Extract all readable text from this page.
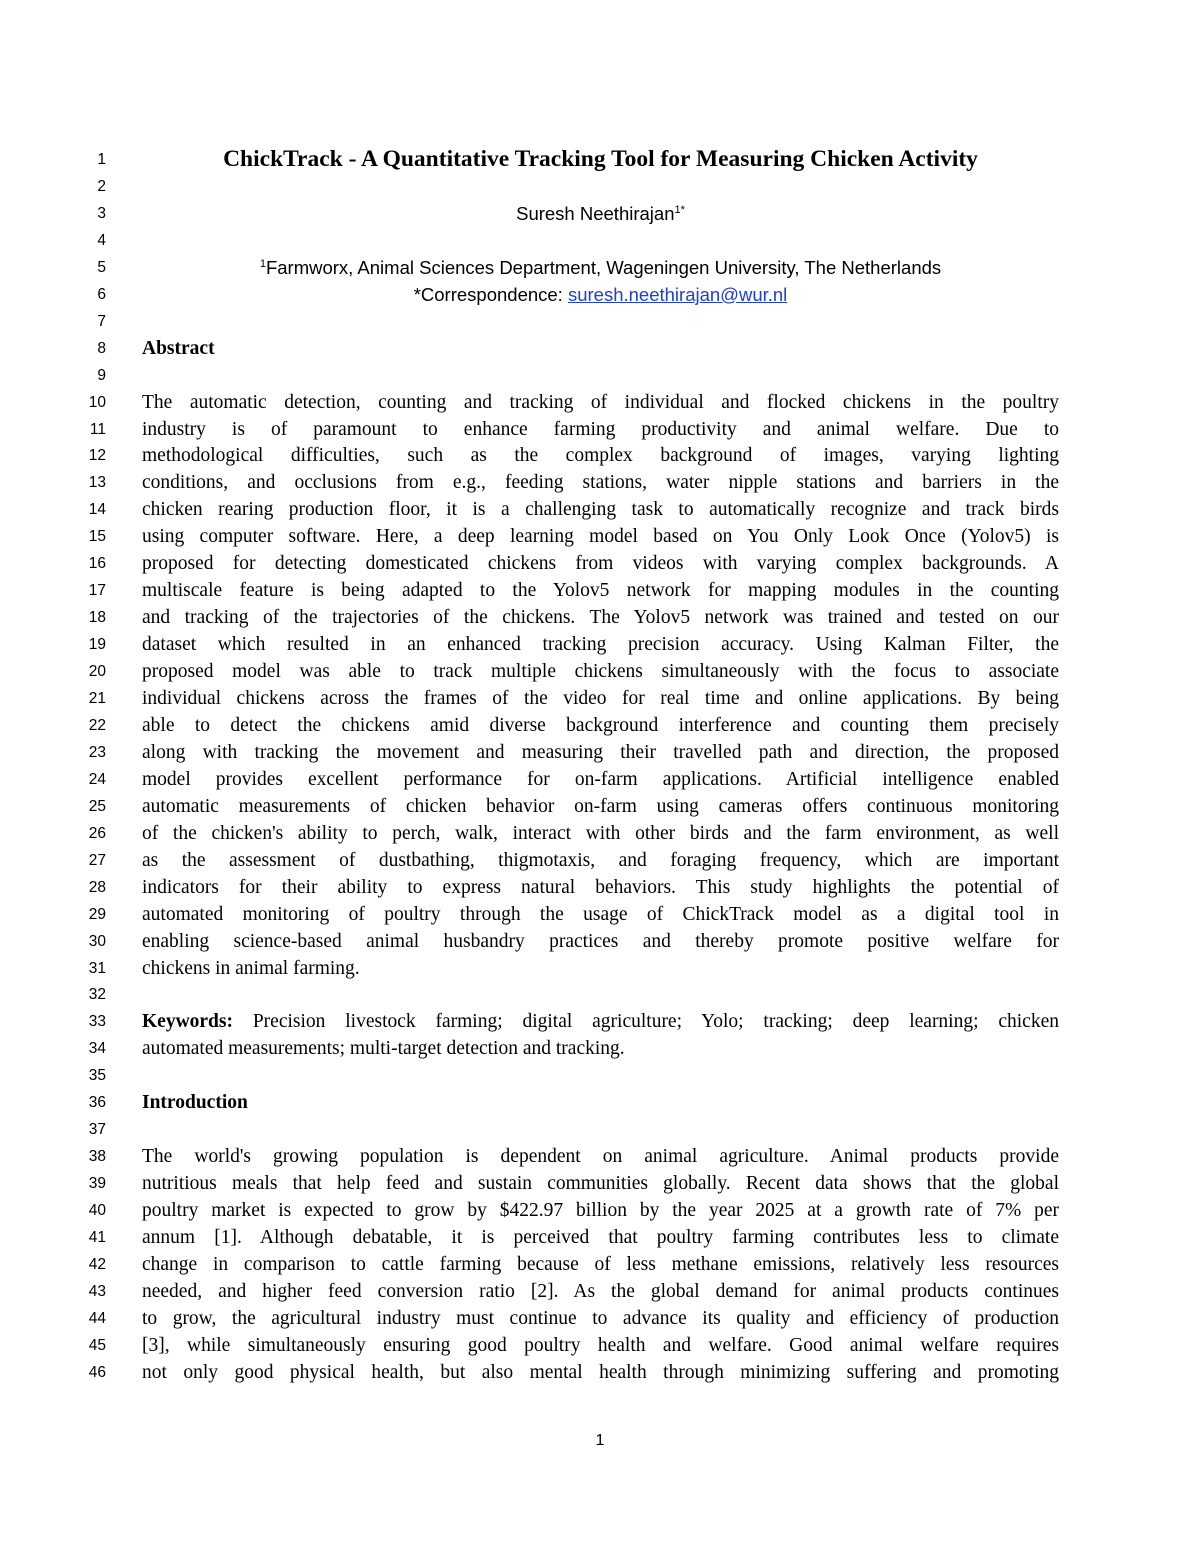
1	ChickTrack - A Quantitative Tracking Tool for Measuring Chicken Activity
2
3	Suresh Neethirajan$^{1*}$
4
5	$^1$Farmworx, Animal Sciences Department, Wageningen University, The Netherlands
6	*Correspondence: suresh.neethirajan@wur.nl
7
8 Abstract
9
10 The automatic detection, counting and tracking of individual and flocked chickens in the poultry
11 industry is of paramount to enhance farming productivity and animal welfare. Due to
12 methodological difficulties, such as the complex background of images, varying lighting
13 conditions, and occlusions from e.g., feeding stations, water nipple stations and barriers in the
14 chicken rearing production floor, it is a challenging task to automatically recognize and track birds
15 using computer software. Here, a deep learning model based on You Only Look Once (Yolov5) is
16 proposed for detecting domesticated chickens from videos with varying complex backgrounds. A
17 multiscale feature is being adapted to the Yolov5 network for mapping modules in the counting
18 and tracking of the trajectories of the chickens. The Yolov5 network was trained and tested on our
19 dataset which resulted in an enhanced tracking precision accuracy. Using Kalman Filter, the
20 proposed model was able to track multiple chickens simultaneously with the focus to associate
21 individual chickens across the frames of the video for real time and online applications. By being
22 able to detect the chickens amid diverse background interference and counting them precisely
23 along with tracking the movement and measuring their travelled path and direction, the proposed
24 model provides excellent performance for on-farm applications. Artificial intelligence enabled
25 automatic measurements of chicken behavior on-farm using cameras offers continuous monitoring
26 of the chicken's ability to perch, walk, interact with other birds and the farm environment, as well
27 as the assessment of dustbathing, thigmotaxis, and foraging frequency, which are important
28 indicators for their ability to express natural behaviors. This study highlights the potential of
29 automated monitoring of poultry through the usage of ChickTrack model as a digital tool in
30 enabling science-based animal husbandry practices and thereby promote positive welfare for
31 chickens in animal farming.
32
33 Keywords: Precision livestock farming; digital agriculture; Yolo; tracking; deep learning; chicken
34 automated measurements; multi-target detection and tracking.
35
36 Introduction
37
38 The world's growing population is dependent on animal agriculture. Animal products provide
39 nutritious meals that help feed and sustain communities globally. Recent data shows that the global
40 poultry market is expected to grow by $422.97 billion by the year 2025 at a growth rate of 7% per
41 annum [1]. Although debatable, it is perceived that poultry farming contributes less to climate
42 change in comparison to cattle farming because of less methane emissions, relatively less resources
43 needed, and higher feed conversion ratio [2]. As the global demand for animal products continues
44 to grow, the agricultural industry must continue to advance its quality and efficiency of production
45 [3], while simultaneously ensuring good poultry health and welfare. Good animal welfare requires
46 not only good physical health, but also mental health through minimizing suffering and promoting
1
